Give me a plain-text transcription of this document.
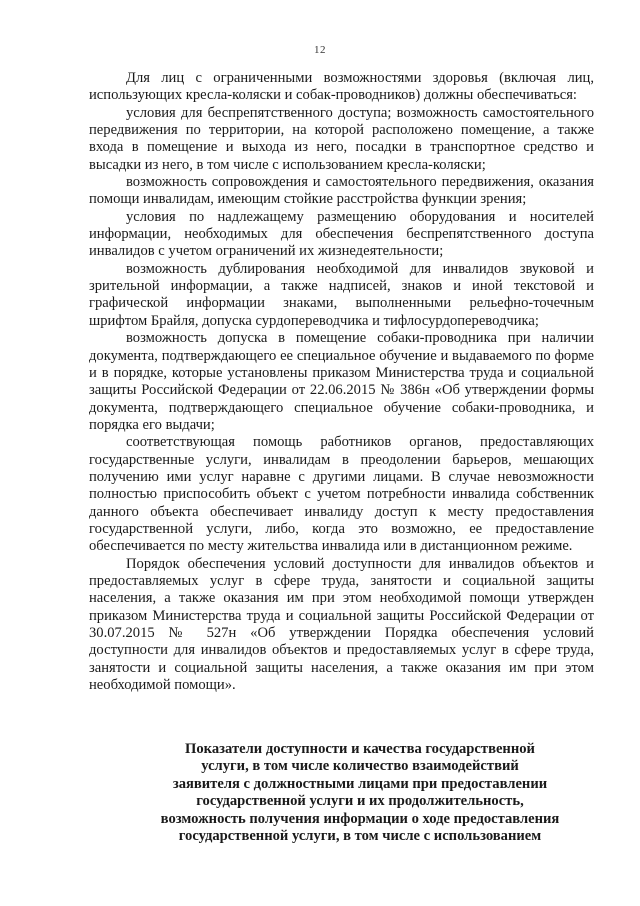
12

Для лиц с ограниченными возможностями здоровья (включая лиц, использующих кресла-коляски и собак-проводников) должны обеспечиваться:

условия для беспрепятственного доступа; возможность самостоятельного передвижения по территории, на которой расположено помещение, а также входа в помещение и выхода из него, посадки в транспортное средство и высадки из него, в том числе с использованием кресла-коляски;

возможность сопровождения и самостоятельного передвижения, оказания помощи инвалидам, имеющим стойкие расстройства функции зрения;

условия по надлежащему размещению оборудования и носителей информации, необходимых для обеспечения беспрепятственного доступа инвалидов с учетом ограничений их жизнедеятельности;

возможность дублирования необходимой для инвалидов звуковой и зрительной информации, а также надписей, знаков и иной текстовой и графической информации знаками, выполненными рельефно-точечным шрифтом Брайля, допуска сурдопереводчика и тифлосурдопереводчика;

возможность допуска в помещение собаки-проводника при наличии документа, подтверждающего ее специальное обучение и выдаваемого по форме и в порядке, которые установлены приказом Министерства труда и социальной защиты Российской Федерации от 22.06.2015 № 386н «Об утверждении формы документа, подтверждающего специальное обучение собаки-проводника, и порядка его выдачи;

соответствующая помощь работников органов, предоставляющих государственные услуги, инвалидам в преодолении барьеров, мешающих получению ими услуг наравне с другими лицами. В случае невозможности полностью приспособить объект с учетом потребности инвалида собственник данного объекта обеспечивает инвалиду доступ к месту предоставления государственной услуги, либо, когда это возможно, ее предоставление обеспечивается по месту жительства инвалида или в дистанционном режиме.

Порядок обеспечения условий доступности для инвалидов объектов и предоставляемых услуг в сфере труда, занятости и социальной защиты населения, а также оказания им при этом необходимой помощи утвержден приказом Министерства труда и социальной защиты Российской Федерации от 30.07.2015 № 527н «Об утверждении Порядка обеспечения условий доступности для инвалидов объектов и предоставляемых услуг в сфере труда, занятости и социальной защиты населения, а также оказания им при этом необходимой помощи».

Показатели доступности и качества государственной
услуги, в том числе количество взаимодействий
заявителя с должностными лицами при предоставлении
государственной услуги и их продолжительность,
возможность получения информации о ходе предоставления
государственной услуги, в том числе с использованием
